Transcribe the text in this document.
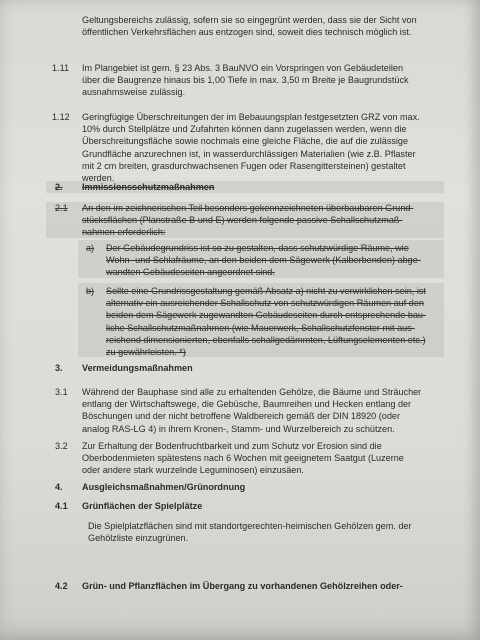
Geltungsbereichs zulässig, sofern sie so eingegrünt werden, dass sie der Sicht von
öffentlichen Verkehrsflächen aus entzogen sind, soweit dies technisch möglich ist.
1.11 Im Plangebiet ist gem. § 23 Abs. 3 BauNVO ein Vorspringen von Gebäudeteilen
über die Baugrenze hinaus bis 1,00 Tiefe in max. 3,50 m Breite je Baugrundstück
ausnahmsweise zulässig.
1.12 Geringfügige Überschreitungen der im Bebauungsplan festgesetzten GRZ von max.
10% durch Stellplätze und Zufahrten können dann zugelassen werden, wenn die
Überschreitungsfläche sowie nochmals eine gleiche Fläche, die auf die zulässige
Grundfläche anzurechnen ist, in wasserdurchlässigen Materialien (wie z.B. Pflaster
mit 2 cm breiten, grasdurchwachsenen Fugen oder Rasengittersteinen) gestaltet
werden.
2. Immissionsschutzmaßnahmen
2.1 An den im zeichnerischen Teil besonders gekennzeichneten überbaubaren Grund-
stücksflächen (Planstraße B und E) werden folgende passive Schallschutzmaß-
nahmen erforderlich:
a) Der Gebäudegrundriss ist so zu gestalten, dass schutzwürdige Räume, wie
Wohn- und Schlafräume, an den beiden dem Sägewerk (Kalberbenden) abge-
wandten Gebäudeseiten angeordnet sind.
b) Sollte eine Grundrissgestaltung gemäß Absatz a) nicht zu verwirklichen sein, ist
alternativ ein ausreichender Schallschutz von schutzwürdigen Räumen auf den
beiden dem Sägewerk zugewandten Gebäudeseiten durch entsprechende bau-
liche Schallschutzmaßnahmen (wie Mauerwerk, Schallschutzfenster mit aus-
reichend dimensionierten, ebenfalls schallgedämmten, Lüftungselementen etc.)
zu gewährleisten. *)
3. Vermeidungsmaßnahmen
3.1 Während der Bauphase sind alle zu erhaltenden Gehölze, die Bäume und Sträucher
entlang der Wirtschaftswege, die Gebüsche, Baumreihen und Hecken entlang der
Böschungen und der nicht betroffene Waldbereich gemäß der DIN 18920 (oder
analog RAS-LG 4) in ihrem Kronen-, Stamm- und Wurzelbereich zu schützen.
3.2 Zur Erhaltung der Bodenfruchtbarkeit und zum Schutz vor Erosion sind die
Oberbodenmieten spätestens nach 6 Wochen mit geeignetem Saatgut (Luzerne
oder andere stark wurzelnde Leguminosen) einzusäen.
4. Ausgleichsmaßnahmen/Grünordnung
4.1 Grünflächen der Spielplätze
Die Spielplatzflächen sind mit standortgerechten-heimischen Gehölzen gem. der
Gehölzliste einzugrünen.
4.2 Grün- und Pflanzflächen im Übergang zu vorhandenen Gehölzreihen oder-
